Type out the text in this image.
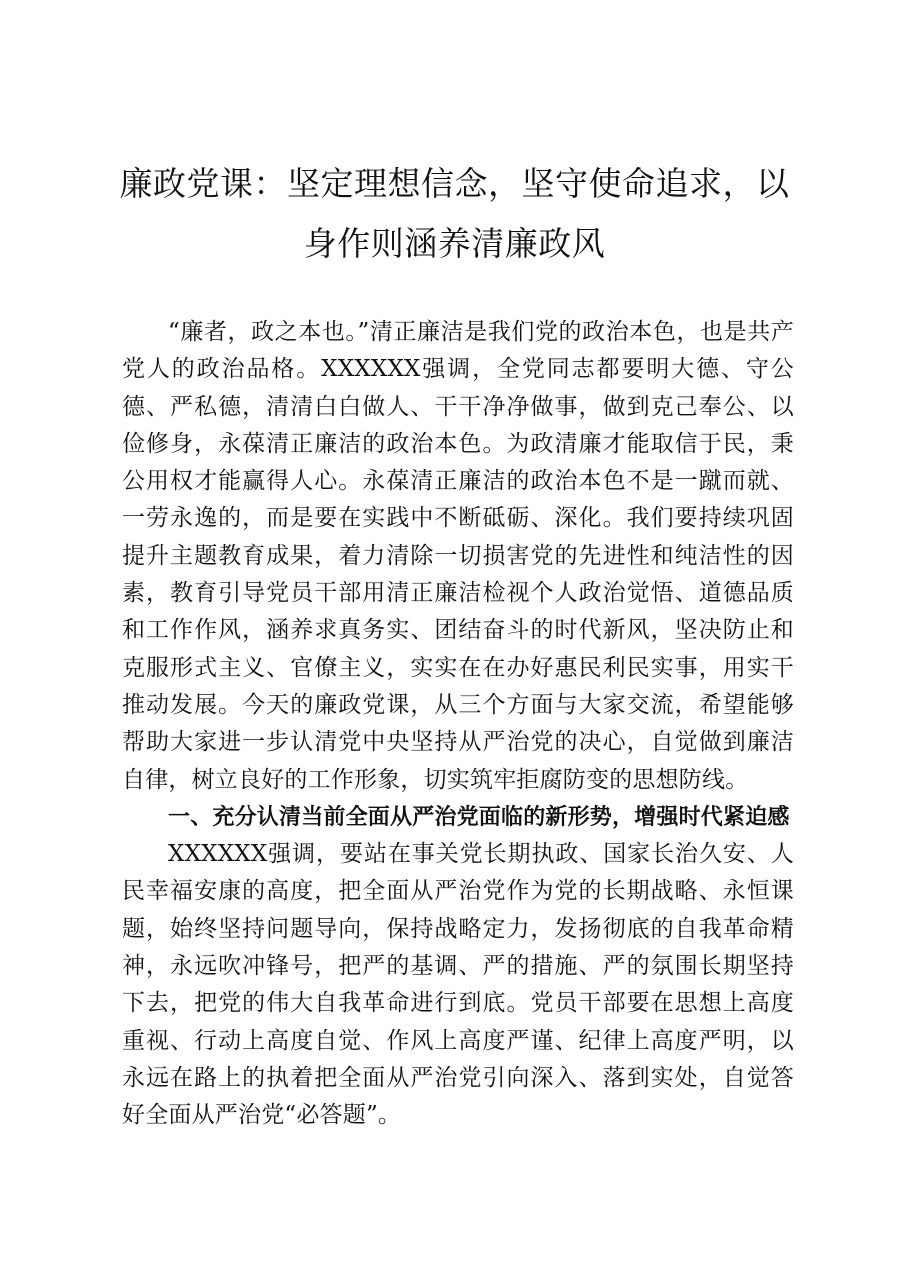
廉政党课：坚定理想信念，坚守使命追求，以
身作则涵养清廉政风

“廉者，政之本也。”清正廉洁是我们党的政治本色，也是共产党人的政治品格。XXXXXX强调，全党同志都要明大德、守公德、严私德，清清白白做人、干干净净做事，做到克己奉公、以俭修身，永葆清正廉洁的政治本色。为政清廉才能取信于民，秉公用权才能赢得人心。永葆清正廉洁的政治本色不是一蹴而就、一劳永逸的，而是要在实践中不断砥砺、深化。我们要持续巩固提升主题教育成果，着力清除一切损害党的先进性和纯洁性的因素，教育引导党员干部用清正廉洁检视个人政治觉悟、道德品质和工作作风，涵养求真务实、团结奋斗的时代新风，坚决防止和克服形式主义、官僚主义，实实在在办好惠民利民实事，用实干推动发展。今天的廉政党课，从三个方面与大家交流，希望能够帮助大家进一步认清党中央坚持从严治党的决心，自觉做到廉洁自律，树立良好的工作形象，切实筑牢拒腐防变的思想防线。

一、充分认清当前全面从严治党面临的新形势，增强时代紧迫感

XXXXXX强调，要站在事关党长期执政、国家长治久安、人民幸福安康的高度，把全面从严治党作为党的长期战略、永恒课题，始终坚持问题导向，保持战略定力，发扬彻底的自我革命精神，永远吹冲锋号，把严的基调、严的措施、严的氛围长期坚持下去，把党的伟大自我革命进行到底。党员干部要在思想上高度重视、行动上高度自觉、作风上高度严谨、纪律上高度严明，以永远在路上的执着把全面从严治党引向深入、落到实处，自觉答好全面从严治党“必答题”。
